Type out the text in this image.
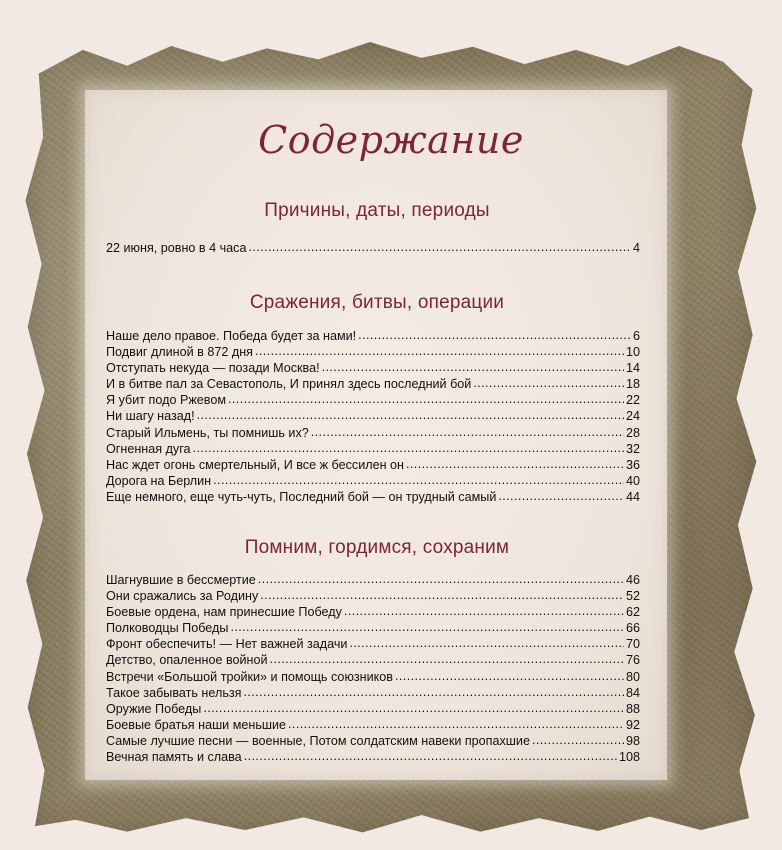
Содержание
Причины, даты, периоды
22 июня, ровно в 4 часа .....	4
Сражения, битвы, операции
Наше дело правое. Победа будет за нами! .....	6
Подвиг длиной в 872 дня .....	10
Отступать некуда — позади Москва! .....	14
И в битве пал за Севастополь, И принял здесь последний бой .....	18
Я убит подо Ржевом .....	22
Ни шагу назад! .....	24
Старый Ильмень, ты помнишь их? .....	28
Огненная дуга .....	32
Нас ждет огонь смертельный, И все ж бессилен он .....	36
Дорога на Берлин .....	40
Еще немного, еще чуть-чуть, Последний бой — он трудный самый .....	44
Помним, гордимся, сохраним
Шагнувшие в бессмертие .....	46
Они сражались за Родину .....	52
Боевые ордена, нам принесшие Победу .....	62
Полководцы Победы .....	66
Фронт обеспечить! — Нет важней задачи .....	70
Детство, опаленное войной .....	76
Встречи «Большой тройки» и помощь союзников .....	80
Такое забывать нельзя .....	84
Оружие Победы .....	88
Боевые братья наши меньшие .....	92
Самые лучшие песни — военные, Потом солдатским навеки пропахшие .....	98
Вечная память и слава .....	108
